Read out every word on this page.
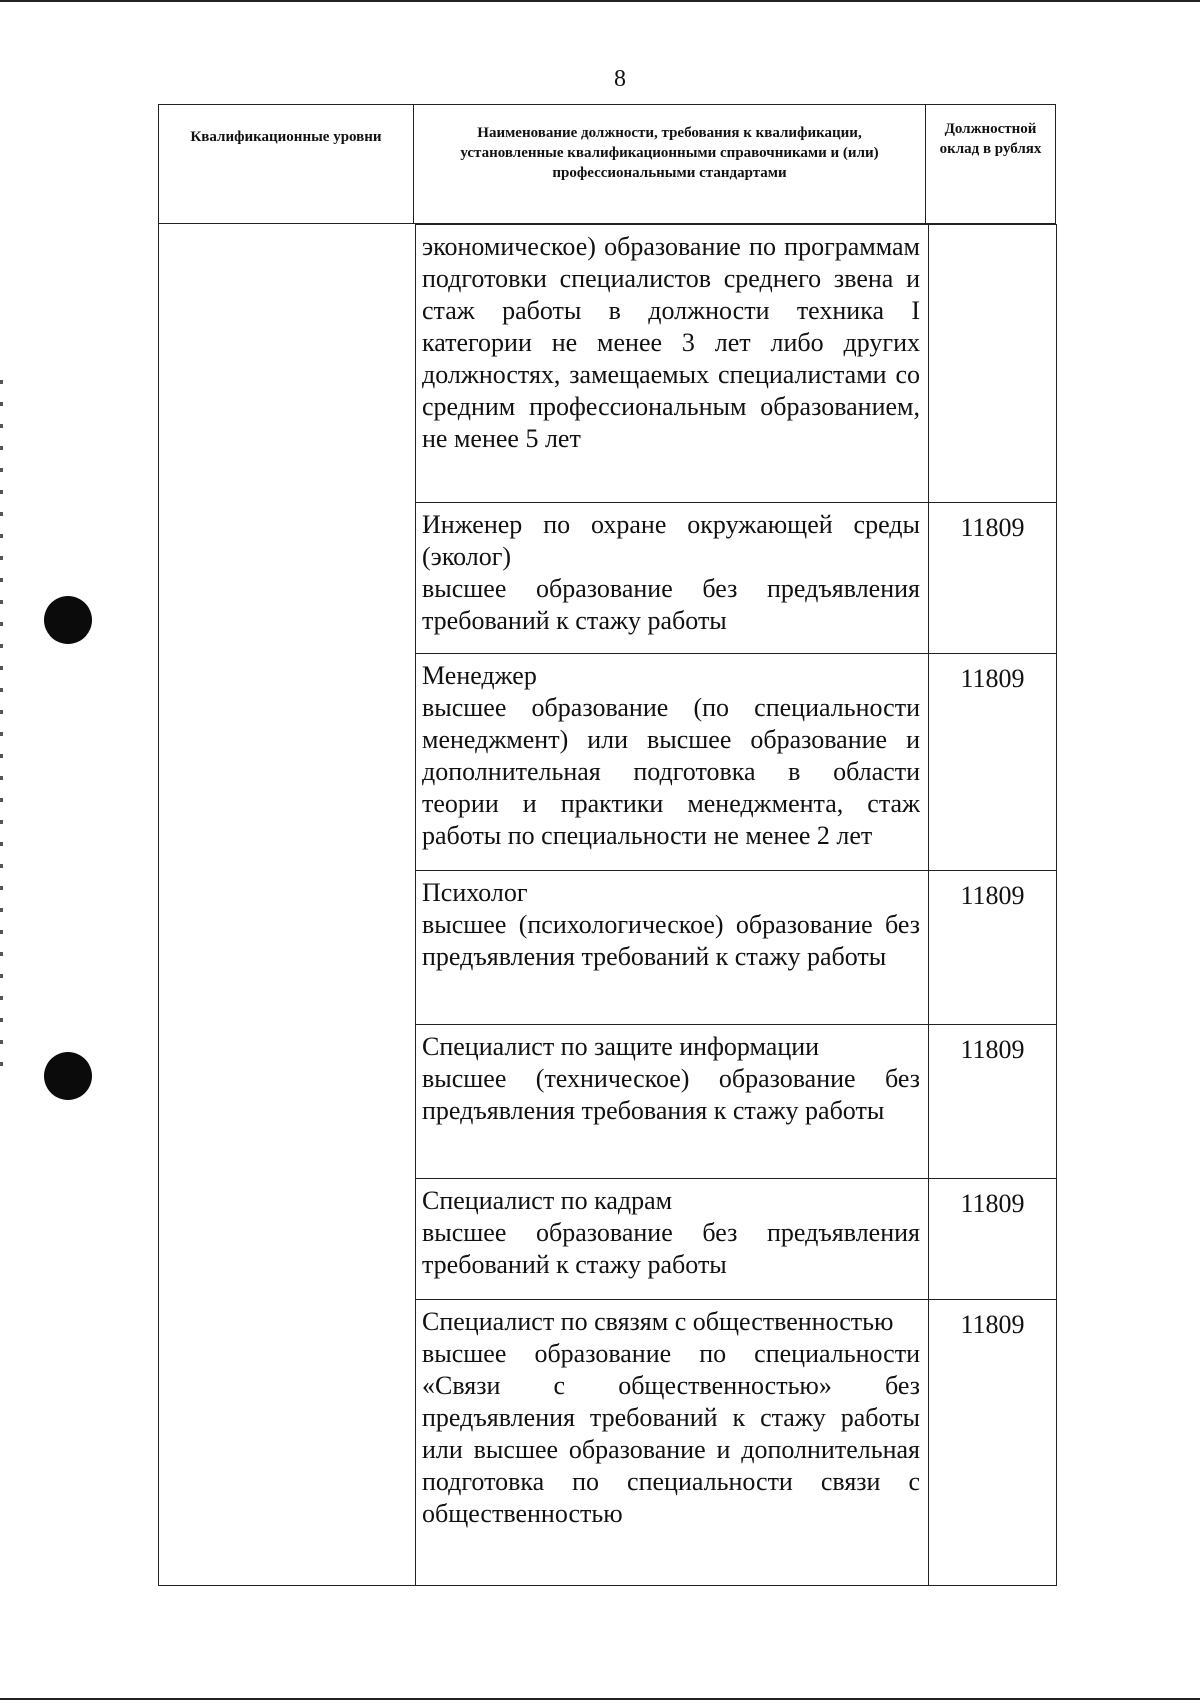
8
Квалификационные уровни	Наименование должности, требования к квалификации, установленные квалификационными справочниками и (или) профессиональными стандартами
Должностной оклад в рублях

экономическое) образование по программам подготовки специалистов среднего звена и стаж работы в должности техника I категории не менее 3 лет либо других должностях, замещаемых специалистами со средним профессиональным образованием, не менее 5 лет

Инженер по охране окружающей среды (эколог)

высшее образование без предъявления требований к стажу работы

11809

Менеджер

высшее образование (по специальности менеджмент) или высшее образование и дополнительная подготовка в области теории и практики менеджмента, стаж работы по специальности не менее 2 лет

11809

Психолог

высшее (психологическое) образование без предъявления требований к стажу работы

11809

Специалист по защите информации

высшее (техническое) образование без предъявления требования к стажу работы

11809

Специалист по кадрам

высшее образование без предъявления требований к стажу работы

11809

Специалист по связям с общественностью

высшее образование по специальности «Связи с общественностью» без предъявления требований к стажу работы или высшее образование и дополнительная подготовка по специальности связи с общественностью

11809
